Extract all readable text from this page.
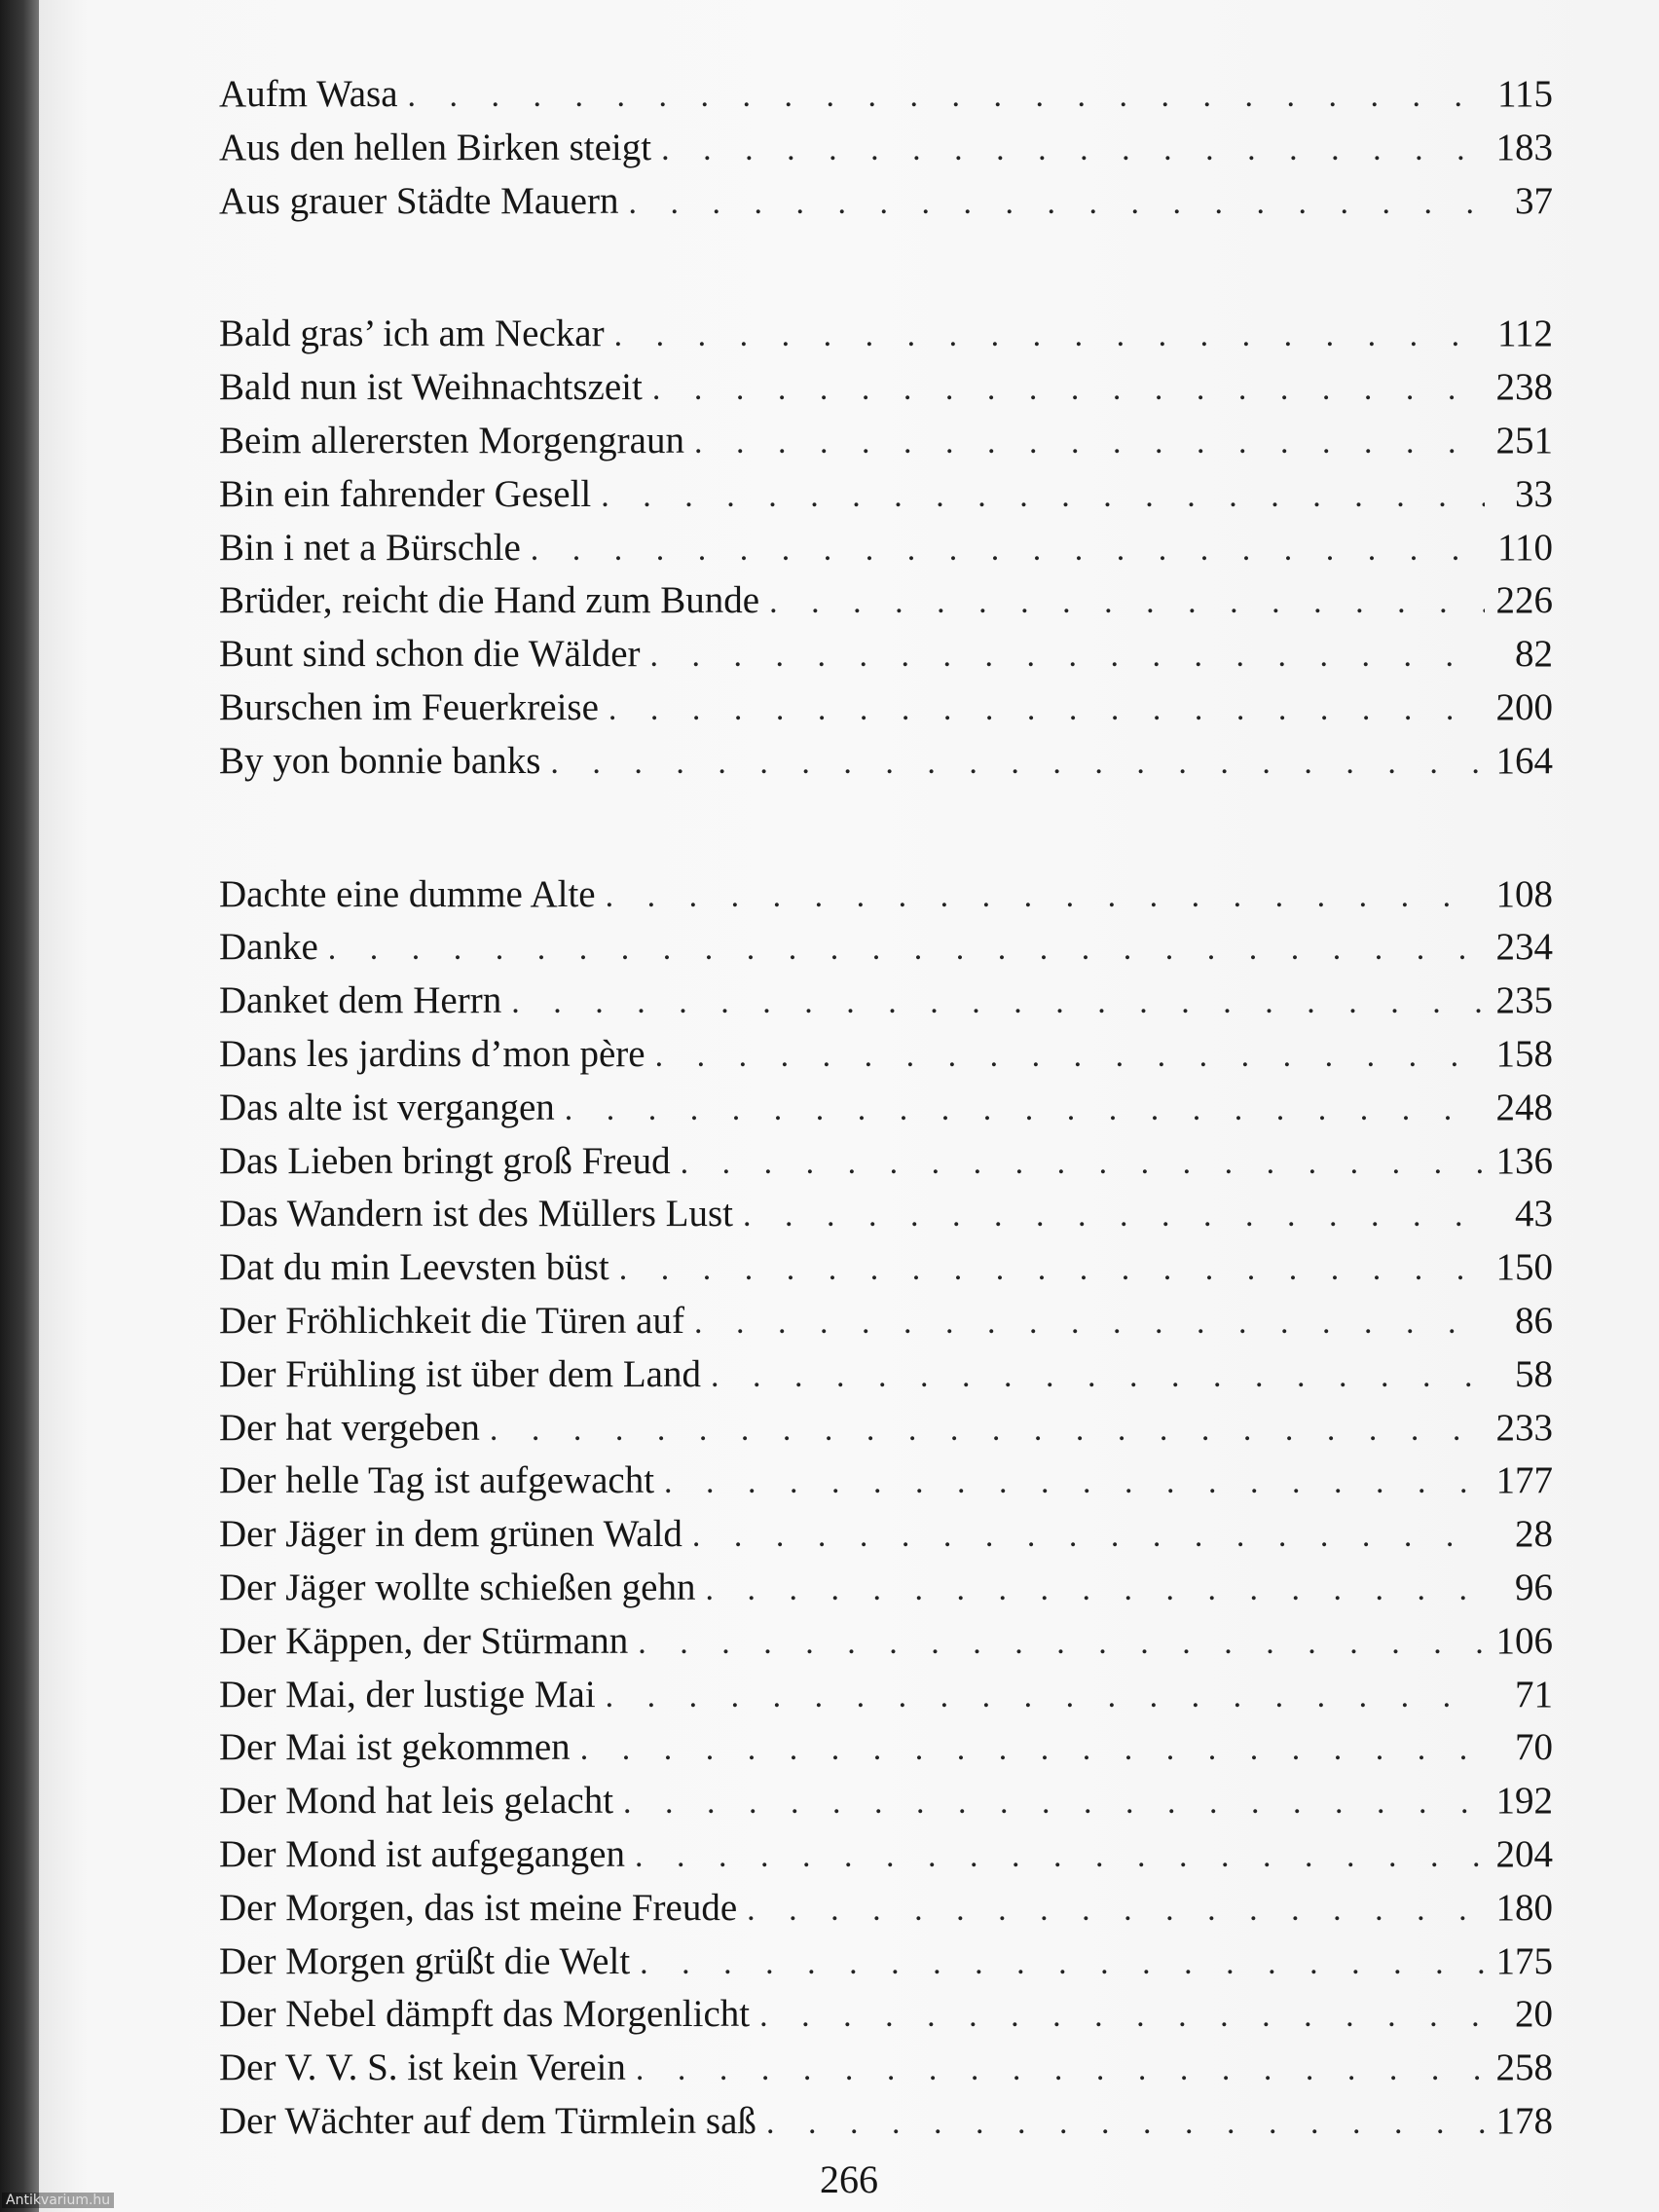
Aufm Wasa . . .	115
Aus den hellen Birken steigt . . .	183
Aus grauer Städte Mauern . . .	37
Bald gras’ ich am Neckar . . .	112
Bald nun ist Weihnachtszeit . . .	238
Beim allerersten Morgengraun . . .	251
Bin ein fahrender Gesell . . .	33
Bin i net a Bürschle . . .	110
Brüder, reicht die Hand zum Bunde . . .	226
Bunt sind schon die Wälder . . .	82
Burschen im Feuerkreise . . .	200
By yon bonnie banks . . .	164
Dachte eine dumme Alte . . .	108
Danke . . .	234
Danket dem Herrn . . .	235
Dans les jardins d’mon père . . .	158
Das alte ist vergangen . . .	248
Das Lieben bringt groß Freud . . .	136
Das Wandern ist des Müllers Lust . . .	43
Dat du min Leevsten büst . . .	150
Der Fröhlichkeit die Türen auf . . .	86
Der Frühling ist über dem Land . . .	58
Der hat vergeben . . .	233
Der helle Tag ist aufgewacht . . .	177
Der Jäger in dem grünen Wald . . .	28
Der Jäger wollte schießen gehn . . .	96
Der Käppen, der Stürmann . . .	106
Der Mai, der lustige Mai . . .	71
Der Mai ist gekommen . . .	70
Der Mond hat leis gelacht . . .	192
Der Mond ist aufgegangen . . .	204
Der Morgen, das ist meine Freude . . .	180
Der Morgen grüßt die Welt . . .	175
Der Nebel dämpft das Morgenlicht . . .	20
Der V. V. S. ist kein Verein . . .	258
Der Wächter auf dem Türmlein saß . . .	178
266
Antikvarium.hu
